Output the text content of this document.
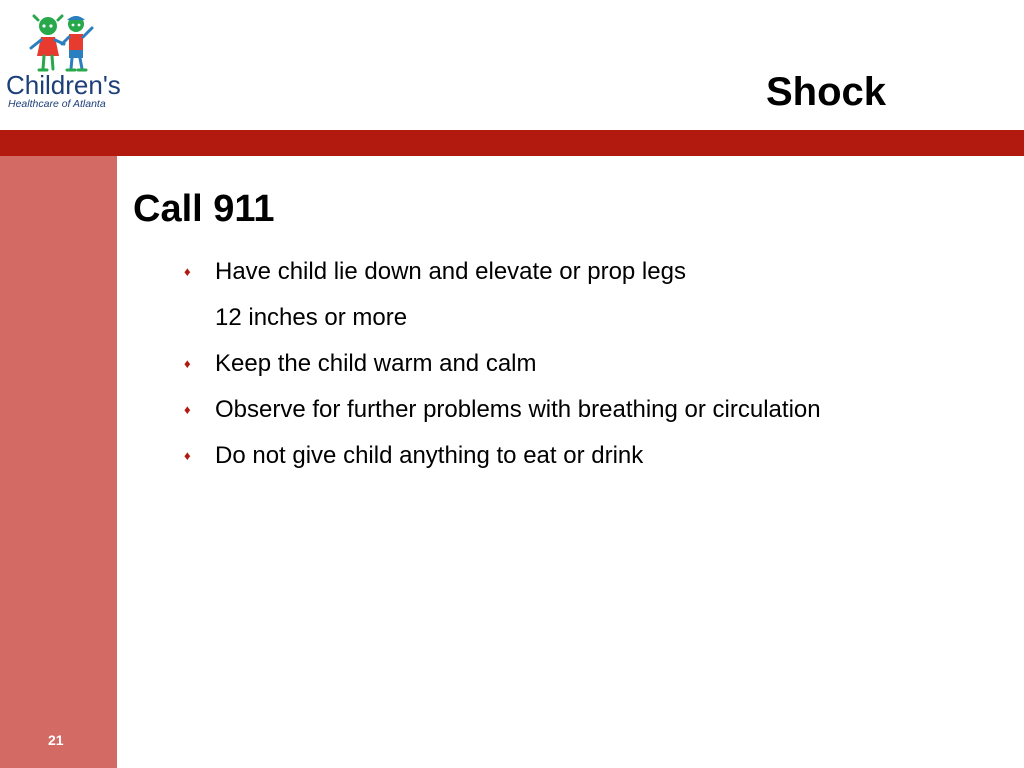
Children's
Healthcare of Atlanta	Shock
21
Call 911
♦ Have child lie down and elevate or prop legs
12 inches or more
♦ Keep the child warm and calm
♦ Observe for further problems with breathing or circulation
♦ Do not give child anything to eat or drink
